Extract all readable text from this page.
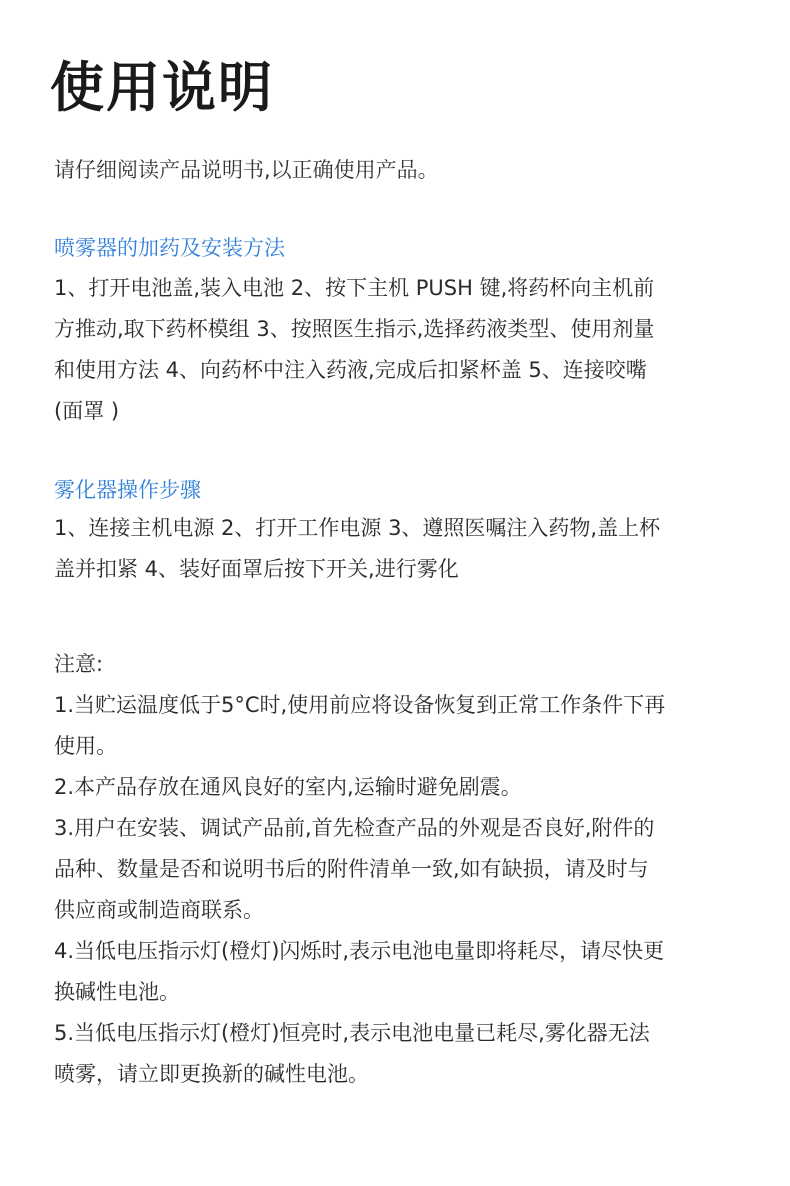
使用说明

请仔细阅读产品说明书,以正确使用产品。

喷雾器的加药及安装方法
1、打开电池盖,装入电池 2、按下主机 PUSH 键,将药杯向主机前
方推动,取下药杯模组 3、按照医生指示,选择药液类型、使用剂量
和使用方法 4、向药杯中注入药液,完成后扣紧杯盖 5、连接咬嘴
(面罩 )
雾化器操作步骤
1、连接主机电源 2、打开工作电源 3、遵照医嘱注入药物,盖上杯
盖并扣紧 4、装好面罩后按下开关,进行雾化
注意:
1.当贮运温度低于5°C时,使用前应将设备恢复到正常工作条件下再
使用。
2.本产品存放在通风良好的室内,运输时避免剧震。
3.用户在安装、调试产品前,首先检查产品的外观是否良好,附件的
品种、数量是否和说明书后的附件清单一致,如有缺损，请及时与
供应商或制造商联系。
4.当低电压指示灯(橙灯)闪烁时,表示电池电量即将耗尽，请尽快更
换碱性电池。
5.当低电压指示灯(橙灯)恒亮时,表示电池电量已耗尽,雾化器无法
喷雾，请立即更换新的碱性电池。
